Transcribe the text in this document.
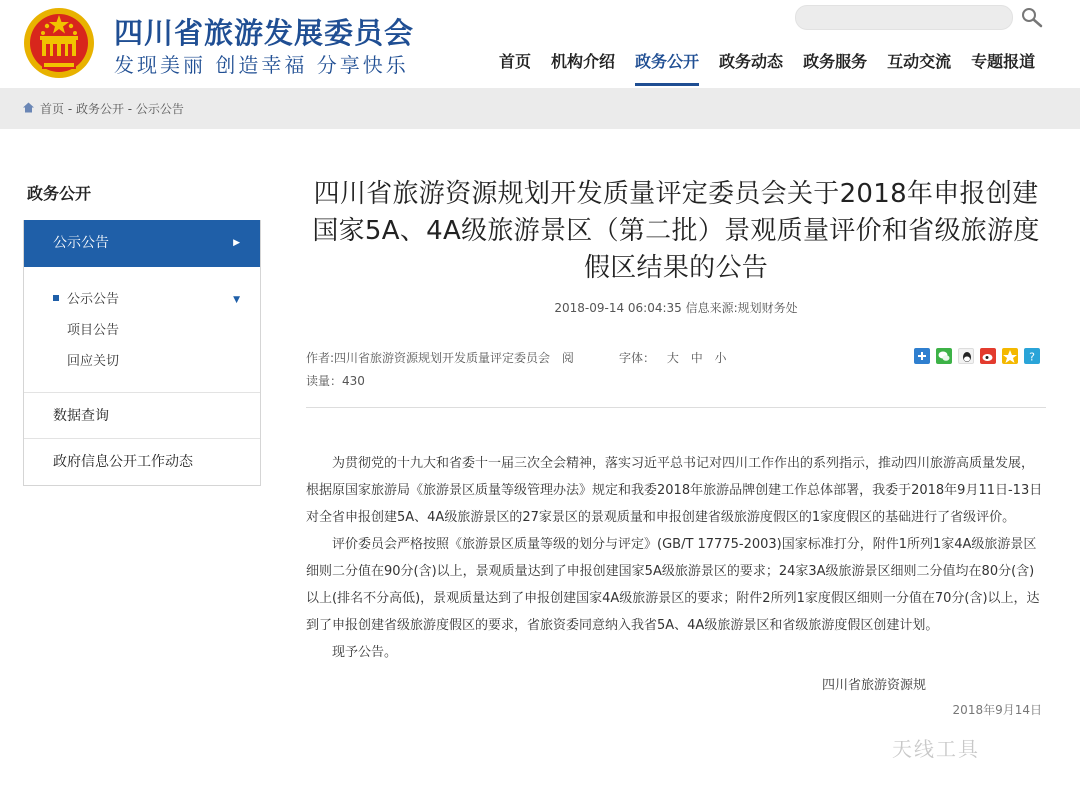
四川省旅游发展委员会
发现美丽 创造幸福 分享快乐	首页	机构介绍	政务公开	政务动态	政务服务	互动交流	专题报道
首页 - 政务公开 - 公示公告
政务公开
公示公告	▶
公示公告	▼
项目公告
回应关切
数据查询
政府信息公开工作动态
四川省旅游资源规划开发质量评定委员会关于2018年申报创建国家5A、4A级旅游景区（第二批）景观质量评价和省级旅游度假区结果的公告
2018-09-14 06:04:35 信息来源:规划财务处
作者:四川省旅游资源规划开发质量评定委员会 阅读量：430
字体： 大 中 小	?

为贯彻党的十九大和省委十一届三次全会精神，落实习近平总书记对四川工作作出的系列指示，推动四川旅游高质量发展，根据原国家旅游局《旅游景区质量等级管理办法》规定和我委2018年旅游品牌创建工作总体部署，我委于2018年9月11日-13日对全省申报创建5A、4A级旅游景区的27家景区的景观质量和申报创建省级旅游度假区的1家度假区的基础进行了省级评价。

评价委员会严格按照《旅游景区质量等级的划分与评定》(GB/T 17775-2003)国家标准打分，附件1所列1家4A级旅游景区细则二分值在90分(含)以上，景观质量达到了申报创建国家5A级旅游景区的要求；24家3A级旅游景区细则二分值均在80分(含)以上(排名不分高低)，景观质量达到了申报创建国家4A级旅游景区的要求；附件2所列1家度假区细则一分值在70分(含)以上，达到了申报创建省级旅游度假区的要求，省旅资委同意纳入我省5A、4A级旅游景区和省级旅游度假区创建计划。

现予公告。

四川省旅游资源规
2018年9月14日
天线工具
